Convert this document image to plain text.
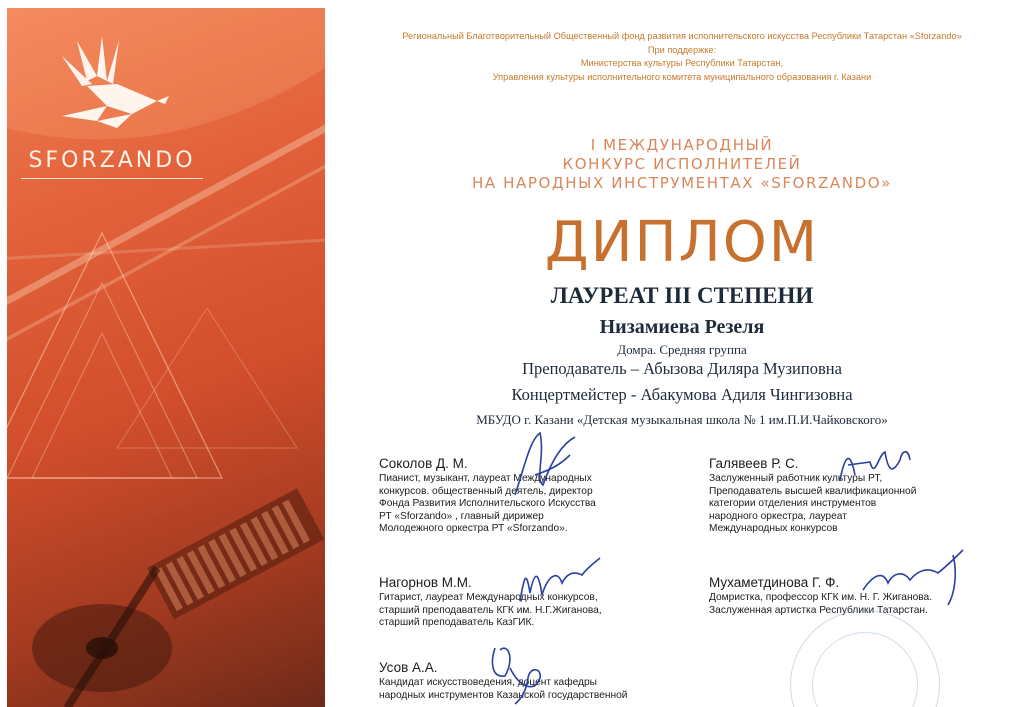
SFORZANDO
Региональный Благотворительный Общественный фонд развития исполнительского искусства Республики Татарстан «Sforzando»
При поддержке:
Министерства культуры Республики Татарстан,
Управления культуры исполнительного комитета муниципального образования г. Казани
I МЕЖДУНАРОДНЫЙ
КОНКУРС ИСПОЛНИТЕЛЕЙ
НА НАРОДНЫХ ИНСТРУМЕНТАХ «SFORZANDO»
ДИПЛОМ
ЛАУРЕАТ III СТЕПЕНИ
Низамиева Резеля
Домра. Средняя группа
Преподаватель – Абызова Диляра Музиповна
Концертмейстер - Абакумова Адиля Чингизовна
МБУДО г. Казани «Детская музыкальная школа № 1 им.П.И.Чайковского»
Соколов Д. М.
Пианист, музыкант, лауреат Международных
конкурсов. общественный деятель, директор
Фонда Развития Исполнительского Искусства
РТ «Sforzando» , главный дирижер
Молодежного оркестра РТ «Sforzando».
Галявеев Р. С.
Заслуженный работник культуры РТ,
Преподаватель высшей квалификационной
категории отделения инструментов
народного оркестра, лауреат
Международных конкурсов
Нагорнов М.М.
Гитарист, лауреат Международных конкурсов,
старший преподаватель КГК им. Н.Г.Жиганова,
старший преподаватель КазГИК.
Мухаметдинова Г. Ф.
Домристка, профессор КГК им. Н. Г. Жиганова.
Заслуженная артистка Республики Татарстан.
Усов А.А.
Кандидат искусствоведения, доцент кафедры
народных инструментов Казанской государственной
